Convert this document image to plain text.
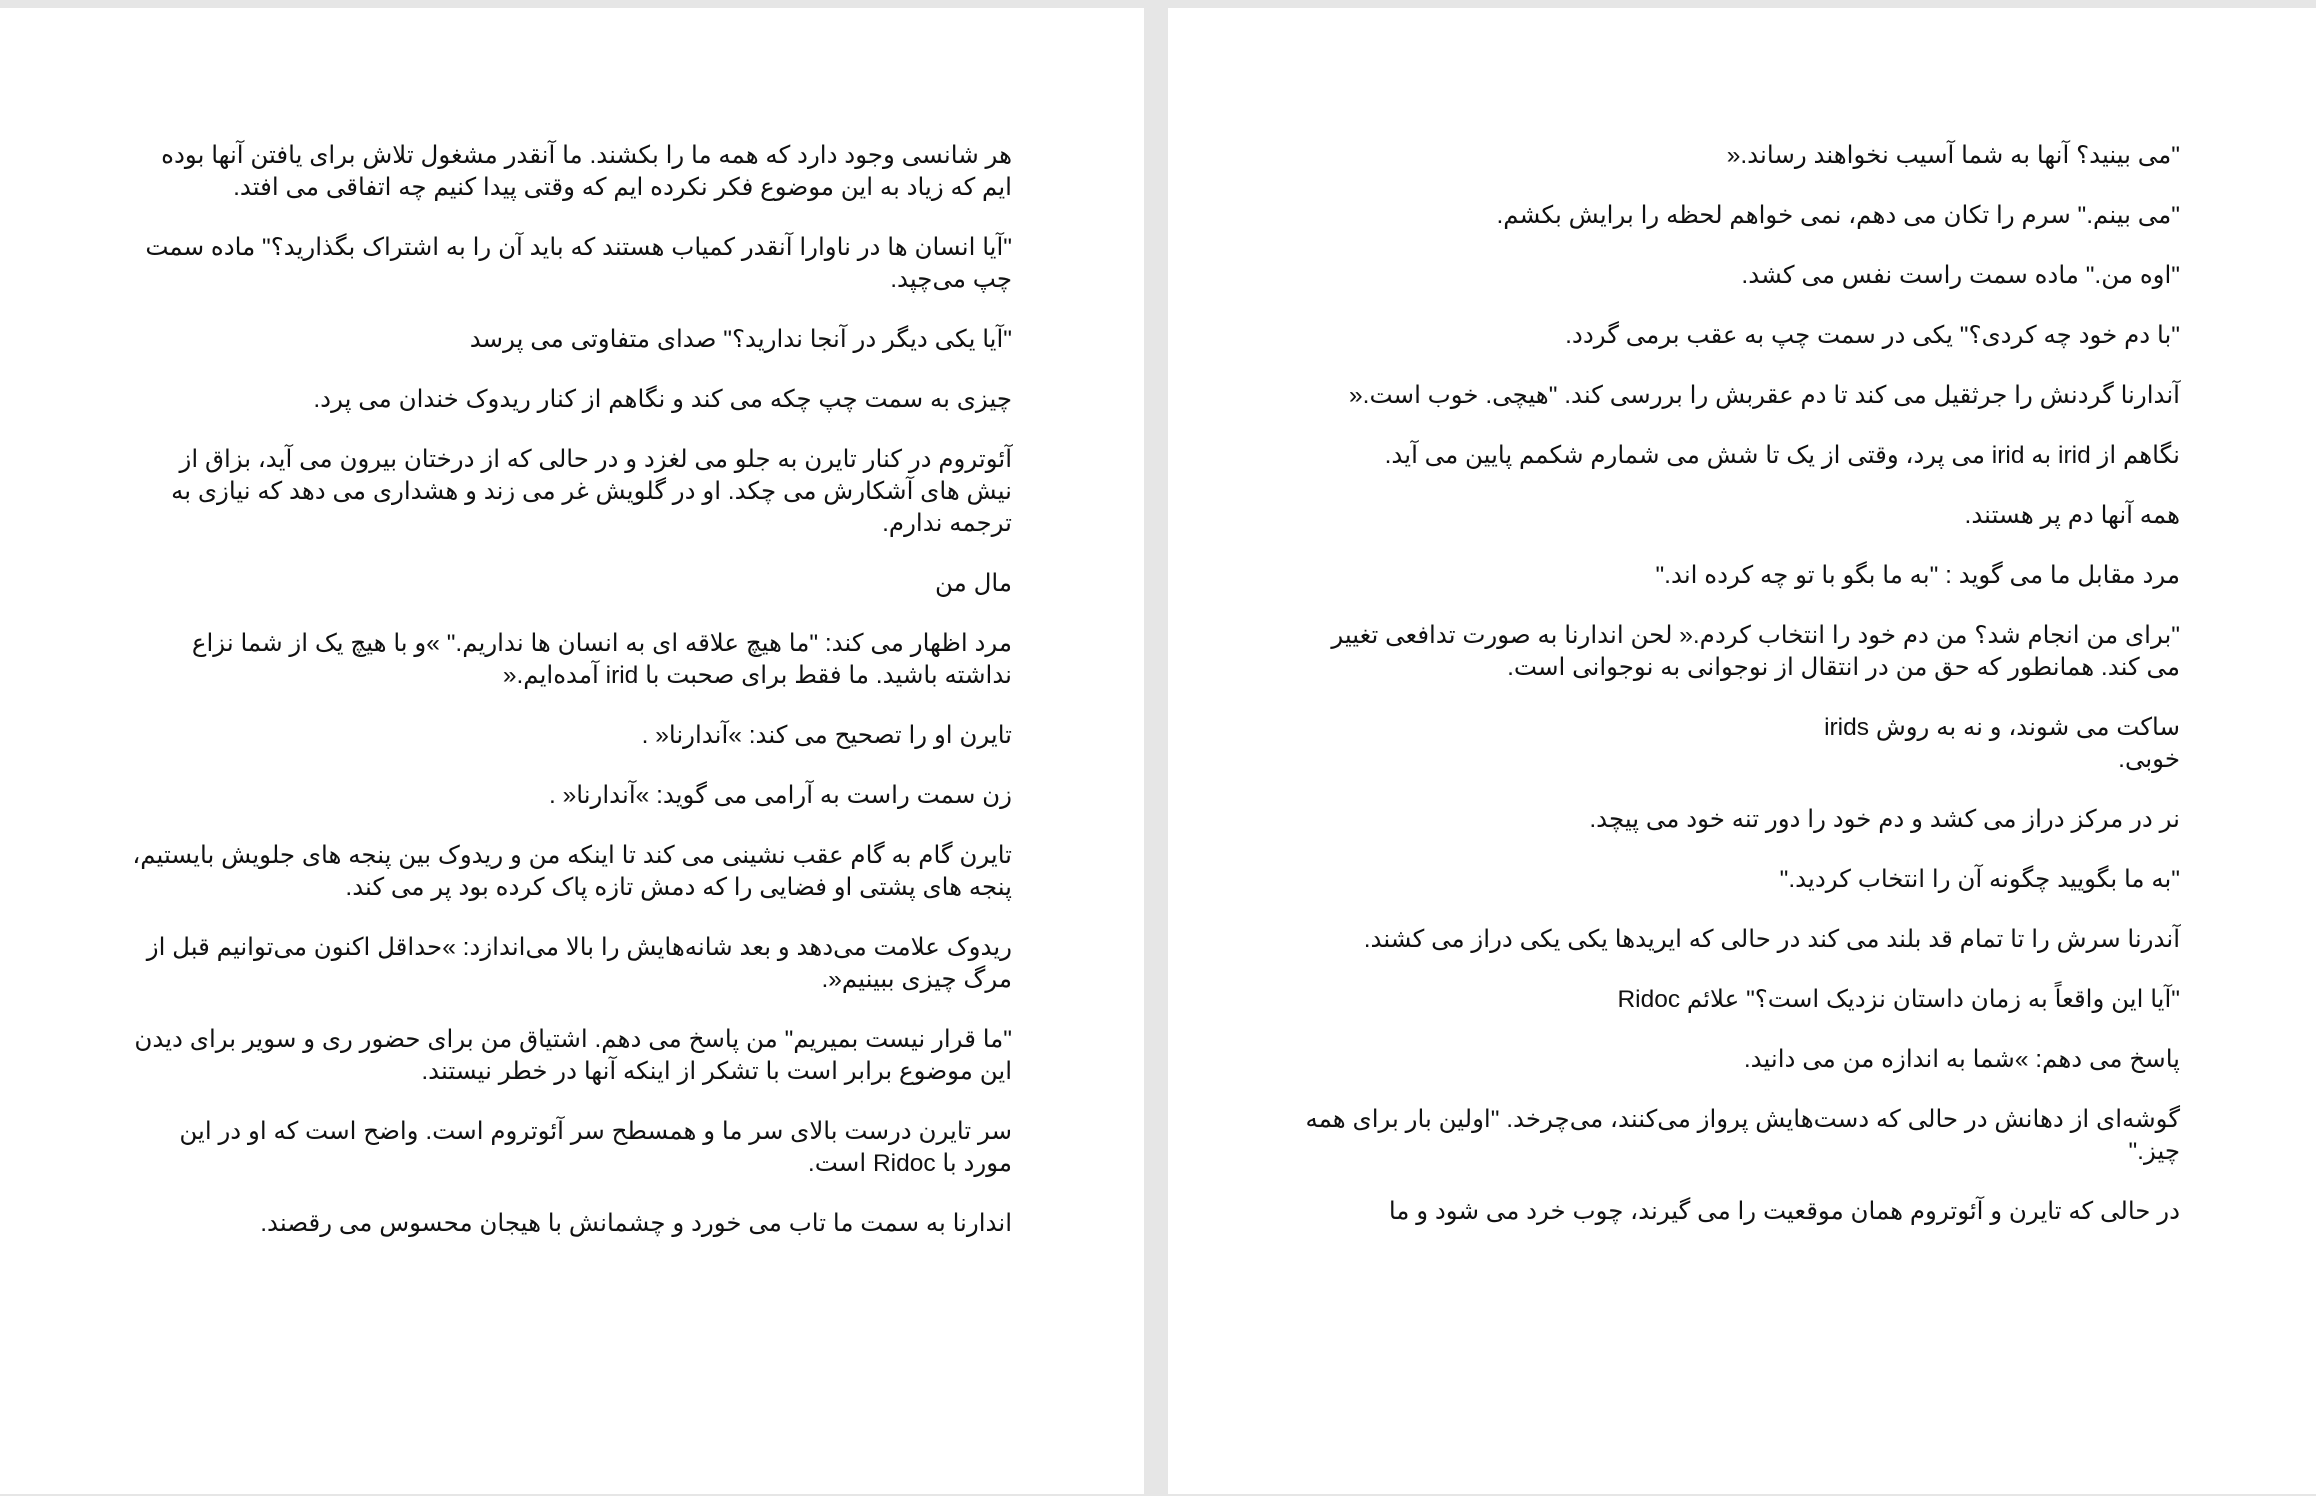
هر شانسی وجود دارد که همه ما را بکشند. ما آنقدر مشغول تلاش برای یافتن آنها بوده ایم که زیاد به این موضوع فکر نکرده ایم که وقتی پیدا کنیم چه اتفاقی می افتد.

"آیا انسان ها در ناوارا آنقدر کمیاب هستند که باید آن را به اشتراک بگذارید؟" ماده سمت چپ می‌چپد.

"آیا یکی دیگر در آنجا ندارید؟" صدای متفاوتی می پرسد

چیزی به سمت چپ چکه می کند و نگاهم از کنار ریدوک خندان می پرد.

آئوتروم در کنار تایرن به جلو می لغزد و در حالی که از درختان بیرون می آید، بزاق از نیش های آشکارش می چکد. او در گلویش غر می زند و هشداری می دهد که نیازی به ترجمه ندارم.

مال من

مرد اظهار می کند: "ما هیچ علاقه ای به انسان ها نداریم." »و با هیچ یک از شما نزاع نداشته باشید. ما فقط برای صحبت با irid آمده‌ایم.«

تایرن او را تصحیح می کند: »آندارنا« .

زن سمت راست به آرامی می گوید: »آندارنا« .

تایرن گام به گام عقب نشینی می کند تا اینکه من و ریدوک بین پنجه های جلویش بایستیم، پنجه های پشتی او فضایی را که دمش تازه پاک کرده بود پر می کند.

ریدوک علامت می‌دهد و بعد شانه‌هایش را بالا می‌اندازد: »حداقل اکنون می‌توانیم قبل از مرگ چیزی ببینیم«.

"ما قرار نیست بمیریم" من پاسخ می دهم. اشتیاق من برای حضور ری و سویر برای دیدن این موضوع برابر است با تشکر از اینکه آنها در خطر نیستند.

سر تایرن درست بالای سر ما و همسطح سر آئوتروم است. واضح است که او در این مورد با Ridoc است.

اندارنا به سمت ما تاب می خورد و چشمانش با هیجان محسوس می رقصند.

"می بینید؟ آنها به شما آسیب نخواهند رساند.«

"می بینم." سرم را تکان می دهم، نمی خواهم لحظه را برایش بکشم.

"اوه من." ماده سمت راست نفس می کشد.

"با دم خود چه کردی؟" یکی در سمت چپ به عقب برمی گردد.

آندارنا گردنش را جرثقیل می کند تا دم عقربش را بررسی کند. "هیچی. خوب است.«

نگاهم از irid به irid می پرد، وقتی از یک تا شش می شمارم شکمم پایین می آید.

همه آنها دم پر هستند.

مرد مقابل ما می گوید : "به ما بگو با تو چه کرده اند."

"برای من انجام شد؟ من دم خود را انتخاب کردم.« لحن اندارنا به صورت تدافعی تغییر می کند. همانطور که حق من در انتقال از نوجوانی به نوجوانی است.

irids ساکت می شوند، و نه به روش
خوبی.

نر در مرکز دراز می کشد و دم خود را دور تنه خود می پیچد.

"به ما بگویید چگونه آن را انتخاب کردید."

آندرنا سرش را تا تمام قد بلند می کند در حالی که ایریدها یکی یکی دراز می کشند.

"آیا این واقعاً به زمان داستان نزدیک است؟" علائم Ridoc

پاسخ می دهم: »شما به اندازه من می دانید.

گوشه‌ای از دهانش در حالی که دست‌هایش پرواز می‌کنند، می‌چرخد. "اولین بار برای همه چیز."

در حالی که تایرن و آئوتروم همان موقعیت را می گیرند، چوب خرد می شود و ما
